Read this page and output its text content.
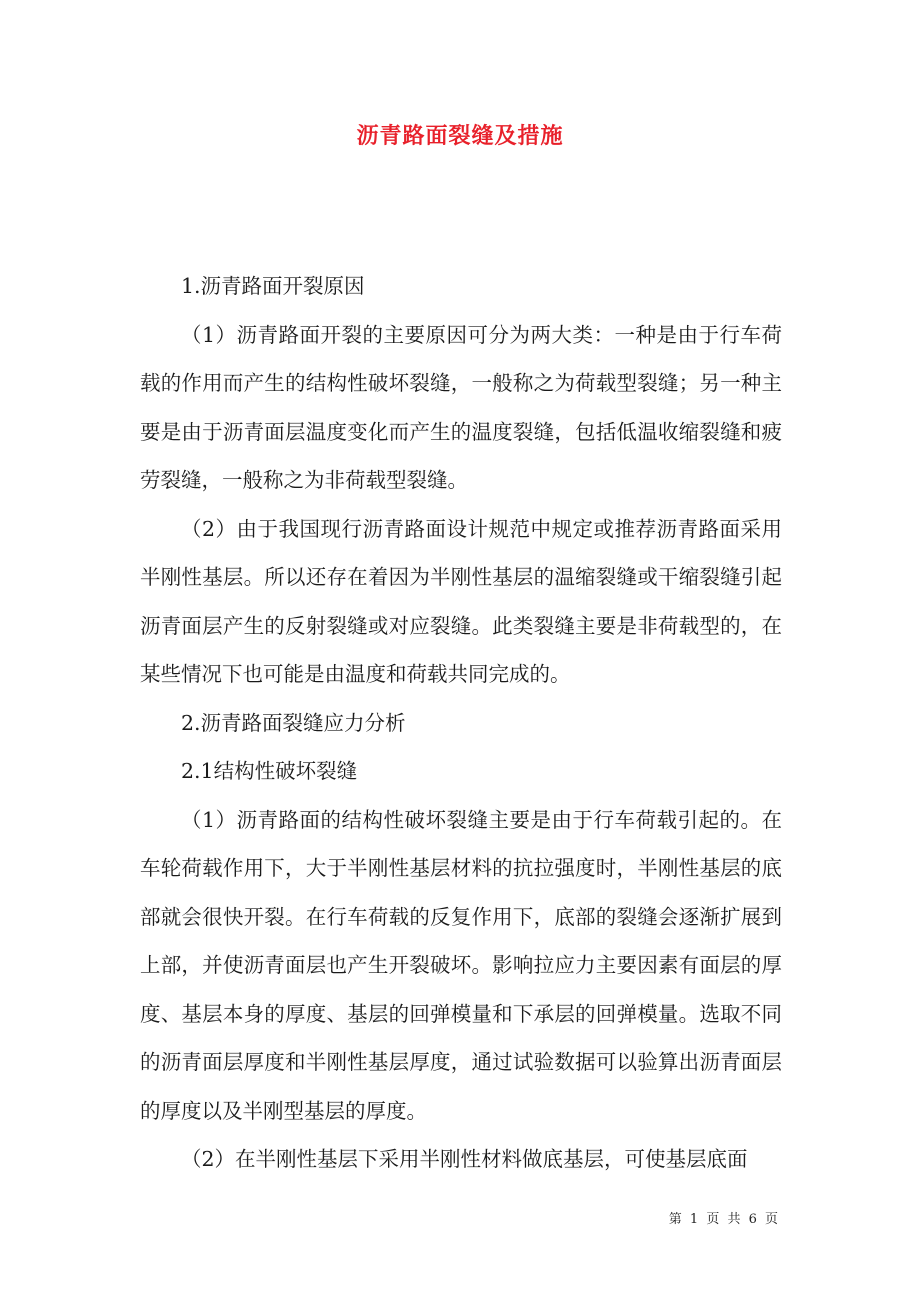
沥青路面裂缝及措施

1.沥青路面开裂原因

（1）沥青路面开裂的主要原因可分为两大类：一种是由于行车荷载的作用而产生的结构性破坏裂缝，一般称之为荷载型裂缝；另一种主要是由于沥青面层温度变化而产生的温度裂缝，包括低温收缩裂缝和疲劳裂缝，一般称之为非荷载型裂缝。

（2）由于我国现行沥青路面设计规范中规定或推荐沥青路面采用半刚性基层。所以还存在着因为半刚性基层的温缩裂缝或干缩裂缝引起沥青面层产生的反射裂缝或对应裂缝。此类裂缝主要是非荷载型的，在某些情况下也可能是由温度和荷载共同完成的。

2.沥青路面裂缝应力分析

2.1结构性破坏裂缝

（1）沥青路面的结构性破坏裂缝主要是由于行车荷载引起的。在车轮荷载作用下，大于半刚性基层材料的抗拉强度时，半刚性基层的底部就会很快开裂。在行车荷载的反复作用下，底部的裂缝会逐渐扩展到上部，并使沥青面层也产生开裂破坏。影响拉应力主要因素有面层的厚度、基层本身的厚度、基层的回弹模量和下承层的回弹模量。选取不同的沥青面层厚度和半刚性基层厚度，通过试验数据可以验算出沥青面层的厚度以及半刚型基层的厚度。

（2）在半刚性基层下采用半刚性材料做底基层，可使基层底面

第 1 页 共 6 页
